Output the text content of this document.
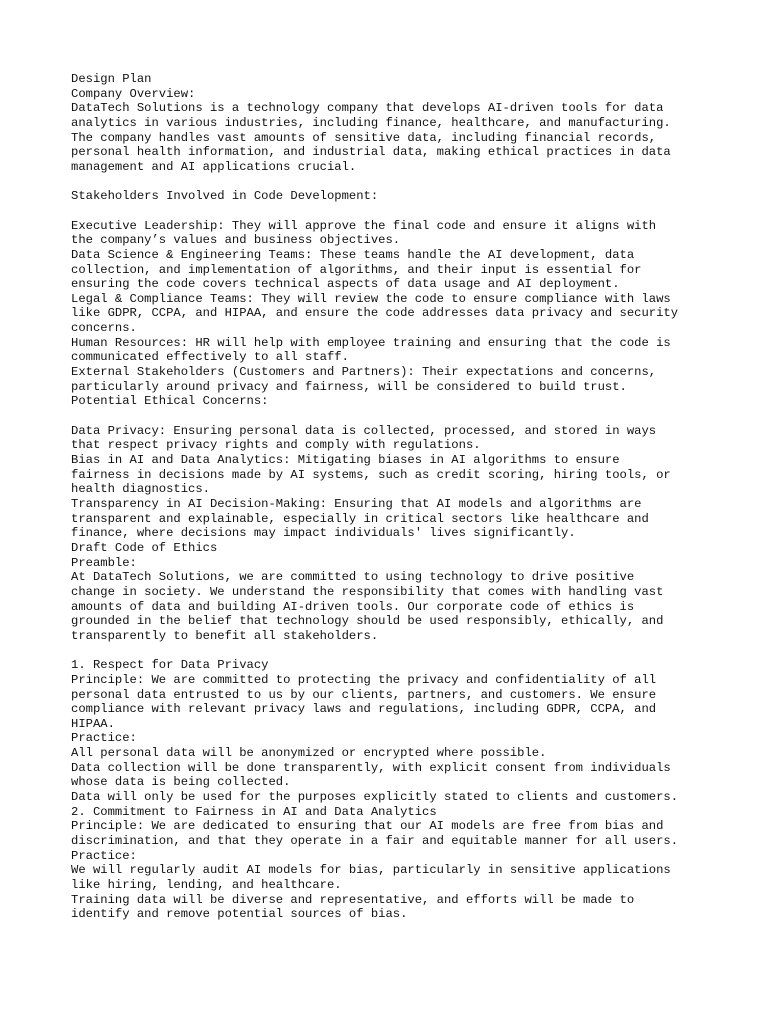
Design Plan
Company Overview:
DataTech Solutions is a technology company that develops AI-driven tools for data
analytics in various industries, including finance, healthcare, and manufacturing.
The company handles vast amounts of sensitive data, including financial records,
personal health information, and industrial data, making ethical practices in data
management and AI applications crucial.
Stakeholders Involved in Code Development:
Executive Leadership: They will approve the final code and ensure it aligns with
the company’s values and business objectives.
Data Science & Engineering Teams: These teams handle the AI development, data
collection, and implementation of algorithms, and their input is essential for
ensuring the code covers technical aspects of data usage and AI deployment.
Legal & Compliance Teams: They will review the code to ensure compliance with laws
like GDPR, CCPA, and HIPAA, and ensure the code addresses data privacy and security
concerns.
Human Resources: HR will help with employee training and ensuring that the code is
communicated effectively to all staff.
External Stakeholders (Customers and Partners): Their expectations and concerns,
particularly around privacy and fairness, will be considered to build trust.
Potential Ethical Concerns:
Data Privacy: Ensuring personal data is collected, processed, and stored in ways
that respect privacy rights and comply with regulations.
Bias in AI and Data Analytics: Mitigating biases in AI algorithms to ensure
fairness in decisions made by AI systems, such as credit scoring, hiring tools, or
health diagnostics.
Transparency in AI Decision-Making: Ensuring that AI models and algorithms are
transparent and explainable, especially in critical sectors like healthcare and
finance, where decisions may impact individuals' lives significantly.
Draft Code of Ethics
Preamble:
At DataTech Solutions, we are committed to using technology to drive positive
change in society. We understand the responsibility that comes with handling vast
amounts of data and building AI-driven tools. Our corporate code of ethics is
grounded in the belief that technology should be used responsibly, ethically, and
transparently to benefit all stakeholders.
1. Respect for Data Privacy
Principle: We are committed to protecting the privacy and confidentiality of all
personal data entrusted to us by our clients, partners, and customers. We ensure
compliance with relevant privacy laws and regulations, including GDPR, CCPA, and
HIPAA.
Practice:
All personal data will be anonymized or encrypted where possible.
Data collection will be done transparently, with explicit consent from individuals
whose data is being collected.
Data will only be used for the purposes explicitly stated to clients and customers.
2. Commitment to Fairness in AI and Data Analytics
Principle: We are dedicated to ensuring that our AI models are free from bias and
discrimination, and that they operate in a fair and equitable manner for all users.
Practice:
We will regularly audit AI models for bias, particularly in sensitive applications
like hiring, lending, and healthcare.
Training data will be diverse and representative, and efforts will be made to
identify and remove potential sources of bias.
